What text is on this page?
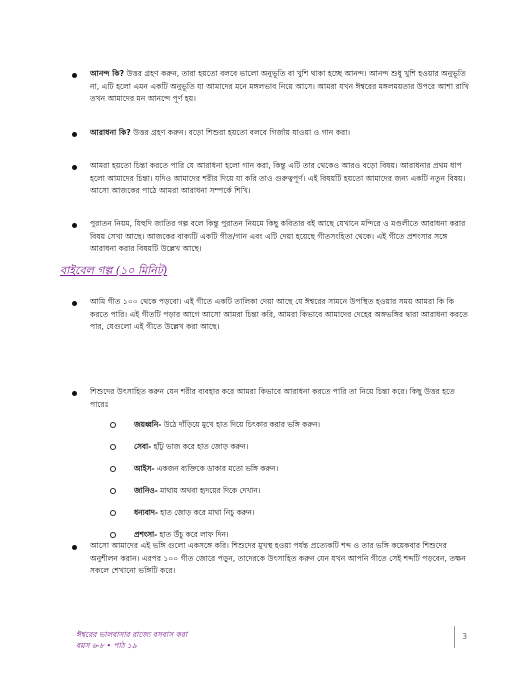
আনন্দ কি? উত্তর গ্রহণ করুন, তারা হয়তো বলবে ভালো অনুভূতি বা খুশি থাকা হচ্ছে আনন্দ। আনন্দ শুধু খুশি হওয়ার অনুভূতি না, এটি হলো এমন একটি অনুভূতি যা আমাদের মনে মঙ্গলভাব নিয়ে আসে। আমরা যখন ঈশ্বরের মঙ্গলময়তার উপরে আশা রাখি তখন আমাদের মন আনন্দে পূর্ণ হয়।
আরাধনা কি? উত্তর গ্রহণ করুন। বড়ো শিশুরা হয়তো বলবে গির্জায় যাওয়া ও গান করা।
আমরা হয়তো চিন্তা করতে পারি যে আরাধনা হলো গান করা, কিন্তু এটি তার থেকেও আরও বড়ো বিষয়। আরাধনার প্রথম ধাপ হলো আমাদের চিন্তা। যদিও আমাদের শরীর দিয়ে যা করি তাও গুরুত্বপূর্ণ। এই বিষয়টি হয়তো আমাদের জন্য একটি নতুন বিষয়। আসো আজকের পাঠে আমরা আরাধনা সম্পর্কে শিখি।
পুরাতন নিয়ম, যিহুদি জাতির গল্প বলে কিন্তু পুরাতন নিয়মে কিছু কবিতার বই আছে যেখানে মন্দিরে ও মণ্ডলীতে আরাধনা করার বিষয় সেখা আছে। আজকের বাক্যটি একটি গীত/গান এবং এটি দেয়া হয়েছে গীতসংহিতা থেকে। এই গীতে প্রশংসার সঙ্গে আরাধনা করার বিষয়টি উল্লেখ আছে।
বাইবেল গল্প (১০ মিনিট)
আমি গীত ১০০ থেকে পড়বো। এই গীতে একটি তালিকা দেয়া আছে যে ঈশ্বরের সামনে উপস্থিত হওয়ার সময় আমরা কি কি করতে পারি। এই গীতটি পড়ার আগে আসো আমরা চিন্তা করি, আমরা কিভাবে আমাদের দেহের অঙ্গভঙ্গির দ্বারা আরাধনা করতে পার, যেগুলো এই গীতে উল্লেখ করা আছে।
শিশুদের উৎসাহিত করুন যেন শরীর ব্যবহার করে আমরা কিভাবে আরাধনা করতে পারি তা নিয়ে চিন্তা করে। কিছু উত্তর হতে পারেঃ
জয়ধ্বনি- উঠে দাঁড়িয়ে মুখে হাত দিয়ে চিৎকার করার ভঙ্গি করুন।
সেবা- হাঁটু ভাজ করে হাত জোড় করুন।
আইস- একজন ব্যক্তিকে ডাকার মতো ভঙ্গি করুন।
জানিও- মাথায় অথবা হৃদয়ের দিকে দেখান।
ধন্যবাদ- হাত জোড় করে মাথা নিচু করুন।
প্রশংসা- হাত উঁচু করে লাফ দিন।
আসো আমাদের এই ভঙ্গি গুলো একসঙ্গে করি। শিশুদের মুখস্থ হওয়া পর্যন্ত প্রত্যেকটি শব্দ ও তার ভঙ্গি কয়েকবার শিশুদের অনুশীলন করান। এরপর ১০০ গীত জোরে পড়ুন, তাদেরকে উৎসাহিত করুন যেন যখন আপনি গীতে সেই শব্দটি পড়বেন, তক্ষন সকলে শেখানো ভঙ্গিটি করে।
ঈশ্বরের ভালবাসার রাজ্যে বসবাস করা
বয়স ৬-৮ • পাঠ ১৯
3
